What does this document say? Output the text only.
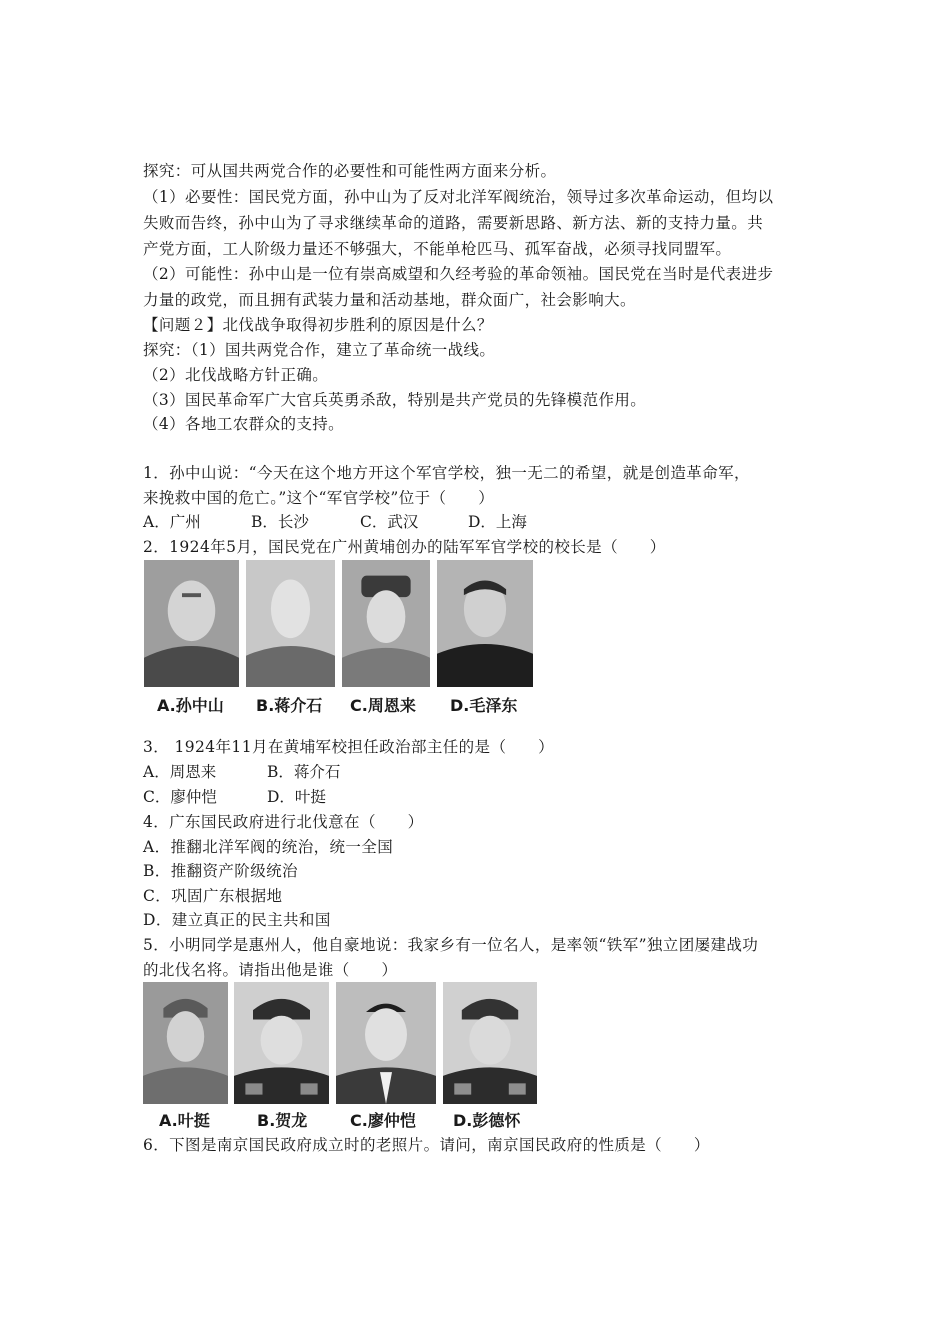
探究：可从国共两党合作的必要性和可能性两方面来分析。
（1）必要性：国民党方面，孙中山为了反对北洋军阀统治，领导过多次革命运动，但均以
失败而告终，孙中山为了寻求继续革命的道路，需要新思路、新方法、新的支持力量。共
产党方面，工人阶级力量还不够强大，不能单枪匹马、孤军奋战，必须寻找同盟军。
（2）可能性：孙中山是一位有崇高威望和久经考验的革命领袖。国民党在当时是代表进步
力量的政党，而且拥有武装力量和活动基地，群众面广，社会影响大。
【问题２】北伐战争取得初步胜利的原因是什么？
探究：（1）国共两党合作，建立了革命统一战线。
（2）北伐战略方针正确。
（3）国民革命军广大官兵英勇杀敌，特别是共产党员的先锋模范作用。
（4）各地工农群众的支持。
1．孙中山说：“今天在这个地方开这个军官学校，独一无二的希望，就是创造革命军，
来挽救中国的危亡。”这个“军官学校”位于（　　）
A．广州	B．长沙	C．武汉	D．上海
2．1924年5月，国民党在广州黄埔创办的陆军军官学校的校长是（　　）
A.孙中山 B.蒋介石 C.周恩来 D.毛泽东
3． 1924年11月在黄埔军校担任政治部主任的是（　　）
A．周恩来	B．蒋介石
C．廖仲恺	D．叶挺
4．广东国民政府进行北伐意在（　　）
A．推翻北洋军阀的统治，统一全国
B．推翻资产阶级统治
C．巩固广东根据地
D．建立真正的民主共和国
5．小明同学是惠州人，他自豪地说：我家乡有一位名人，是率领“铁军”独立团屡建战功
的北伐名将。请指出他是谁（　　）
A.叶挺	B.贺龙	C.廖仲恺 D.彭德怀
6．下图是南京国民政府成立时的老照片。请问，南京国民政府的性质是（　　）
